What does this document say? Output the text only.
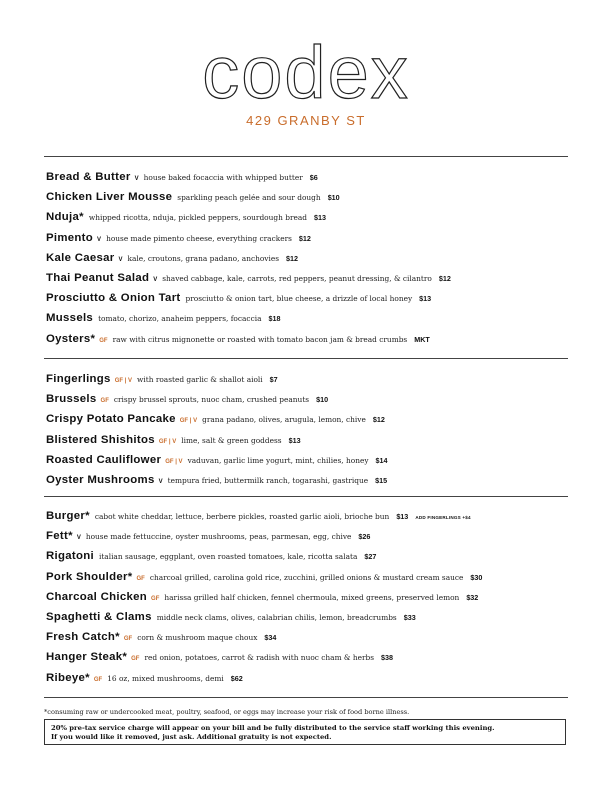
codex
429 GRANBY ST
Bread & Butter V house baked focaccia with whipped butter $6
Chicken Liver Mousse sparkling peach gelée and sour dough $10
Nduja* whipped ricotta, nduja, pickled peppers, sourdough bread $13
Pimento V house made pimento cheese, everything crackers $12
Kale Caesar V kale, croutons, grana padano, anchovies $12
Thai Peanut Salad V shaved cabbage, kale, carrots, red peppers, peanut dressing, & cilantro $12
Prosciutto & Onion Tart prosciutto & onion tart, blue cheese, a drizzle of local honey $13
Mussels tomato, chorizo, anaheim peppers, focaccia $18
Oysters* GF raw with citrus mignonette or roasted with tomato bacon jam & bread crumbs MKT
Fingerlings GF | V with roasted garlic & shallot aioli $7
Brussels GF crispy brussel sprouts, nuoc cham, crushed peanuts $10
Crispy Potato Pancake GF | V grana padano, olives, arugula, lemon, chive $12
Blistered Shishitos GF | V lime, salt & green goddess $13
Roasted Cauliflower GF | V vaduvan, garlic lime yogurt, mint, chilies, honey $14
Oyster Mushrooms V tempura fried, buttermilk ranch, togarashi, gastrique $15
Burger* cabot white cheddar, lettuce, berbere pickles, roasted garlic aioli, brioche bun $13 ADD FINGERLINGS +$4
Fett* V house made fettuccine, oyster mushrooms, peas, parmesan, egg, chive $26
Rigatoni italian sausage, eggplant, oven roasted tomatoes, kale, ricotta salata $27
Pork Shoulder* GF charcoal grilled, carolina gold rice, zucchini, grilled onions & mustard cream sauce $30
Charcoal Chicken GF harissa grilled half chicken, fennel chermoula, mixed greens, preserved lemon $32
Spaghetti & Clams middle neck clams, olives, calabrian chilis, lemon, breadcrumbs $33
Fresh Catch* GF corn & mushroom maque choux $34
Hanger Steak* GF red onion, potatoes, carrot & radish with nuoc cham & herbs $38
Ribeye* GF 16 oz, mixed mushrooms, demi $62
*consuming raw or undercooked meat, poultry, seafood, or eggs may increase your risk of food borne illness.
20% pre-tax service charge will appear on your bill and be fully distributed to the service staff working this evening.
If you would like it removed, just ask. Additional gratuity is not expected.
